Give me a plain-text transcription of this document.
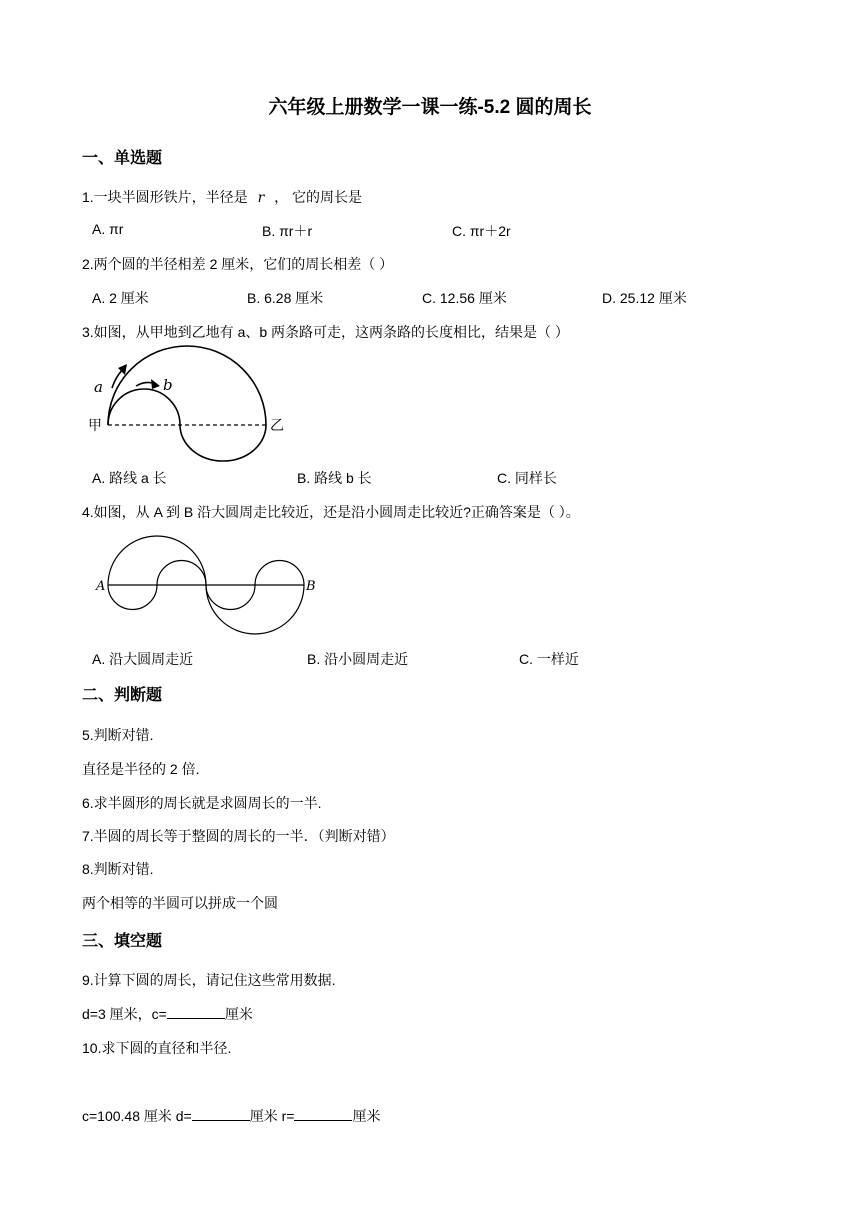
六年级上册数学一课一练-5.2 圆的周长
一、单选题
1.一块半圆形铁片，半径是 r ， 它的周长是
A. πr	B. πr＋r	C. πr＋2r
2.两个圆的半径相差 2 厘米，它们的周长相差（ ）
A. 2 厘米	B. 6.28 厘米	C. 12.56 厘米	D. 25.12 厘米
3.如图，从甲地到乙地有 a、b 两条路可走，这两条路的长度相比，结果是（ ）
a	b
甲	乙
A. 路线 a 长	B. 路线 b 长	C. 同样长
4.如图，从 A 到 B 沿大圆周走比较近，还是沿小圆周走比较近?正确答案是（ ）。
A	B
A. 沿大圆周走近	B. 沿小圆周走近	C. 一样近
二、判断题
5.判断对错.
直径是半径的 2 倍.
6.求半圆形的周长就是求圆周长的一半.
7.半圆的周长等于整圆的周长的一半．（判断对错）
8.判断对错.
两个相等的半圆可以拼成一个圆
三、填空题
9.计算下圆的周长，请记住这些常用数据.
d=3 厘米，c=	厘米
10.求下圆的直径和半径.
c=100.48 厘米 d=	厘米 r=	厘米
